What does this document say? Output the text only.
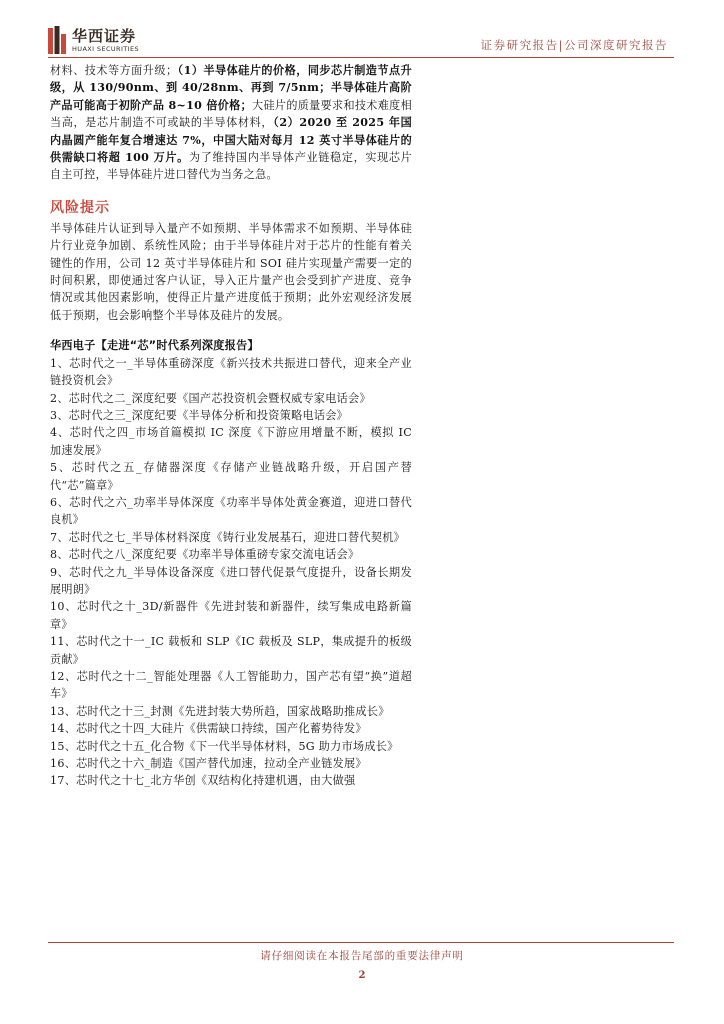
华西证券
HUAXI SECURITIES	证券研究报告|公司深度研究报告

材料、技术等方面升级；（1）半导体硅片的价格，同步芯片制造节点升级，从 130/90nm、到 40/28nm、再到 7/5nm；半导体硅片高阶产品可能高于初阶产品 8~10 倍价格；大硅片的质量要求和技术难度相当高，是芯片制造不可或缺的半导体材料，（2）2020 至 2025 年国内晶圆产能年复合增速达 7%，中国大陆对每月 12 英寸半导体硅片的供需缺口将超 100 万片。为了维持国内半导体产业链稳定，实现芯片自主可控，半导体硅片进口替代为当务之急。

风险提示

半导体硅片认证到导入量产不如预期、半导体需求不如预期、半导体硅片行业竞争加剧、系统性风险；由于半导体硅片对于芯片的性能有着关键性的作用，公司 12 英寸半导体硅片和 SOI 硅片实现量产需要一定的时间积累，即使通过客户认证，导入正片量产也会受到扩产进度、竞争情况或其他因素影响，使得正片量产进度低于预期；此外宏观经济发展低于预期，也会影响整个半导体及硅片的发展。

华西电子【走进“芯”时代系列深度报告】
1、芯时代之一_半导体重磅深度《新兴技术共振进口替代，迎来全产业链投资机会》
2、芯时代之二_深度纪要《国产芯投资机会暨权威专家电话会》
3、芯时代之三_深度纪要《半导体分析和投资策略电话会》
4、芯时代之四_市场首篇模拟 IC 深度《下游应用增量不断，模拟 IC 加速发展》
5、芯时代之五_存储器深度《存储产业链战略升级，开启国产替代“芯”篇章》
6、芯时代之六_功率半导体深度《功率半导体处黄金赛道，迎进口替代良机》
7、芯时代之七_半导体材料深度《铸行业发展基石，迎进口替代契机》
8、芯时代之八_深度纪要《功率半导体重磅专家交流电话会》
9、芯时代之九_半导体设备深度《进口替代促景气度提升，设备长期发展明朗》
10、芯时代之十_3D/新器件《先进封装和新器件，续写集成电路新篇章》
11、芯时代之十一_IC 载板和 SLP《IC 载板及 SLP，集成提升的板级贡献》
12、芯时代之十二_智能处理器《人工智能助力，国产芯有望“换”道超车》
13、芯时代之十三_封测《先进封装大势所趋，国家战略助推成长》
14、芯时代之十四_大硅片《供需缺口持续，国产化蓄势待发》
15、芯时代之十五_化合物《下一代半导体材料，5G 助力市场成长》
16、芯时代之十六_制造《国产替代加速，拉动全产业链发展》
17、芯时代之十七_北方华创《双结构化持建机遇，由大做强
请仔细阅读在本报告尾部的重要法律声明
2
